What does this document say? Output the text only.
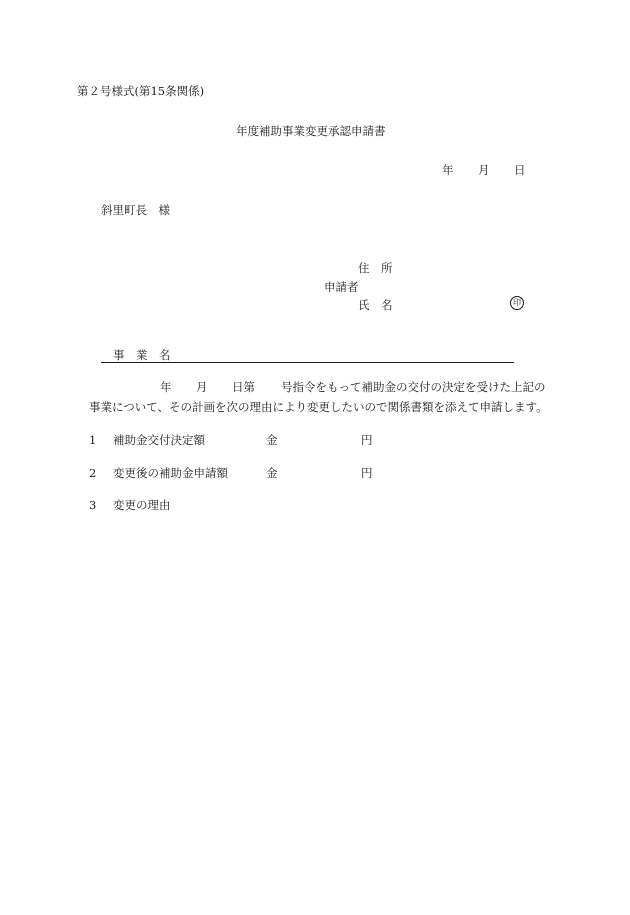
第２号様式(第15条関係)
年度補助事業変更承認申請書
年 月 日
斜里町長　様
住　所
申請者
氏　名	印
事　業　名
年 月 日第 号指令をもって補助金の交付の決定を受けた上記の
事業について、その計画を次の理由により変更したいので関係書類を添えて申請します。
1 補助金交付決定額	金	円
2 変更後の補助金申請額	金	円
3 変更の理由
